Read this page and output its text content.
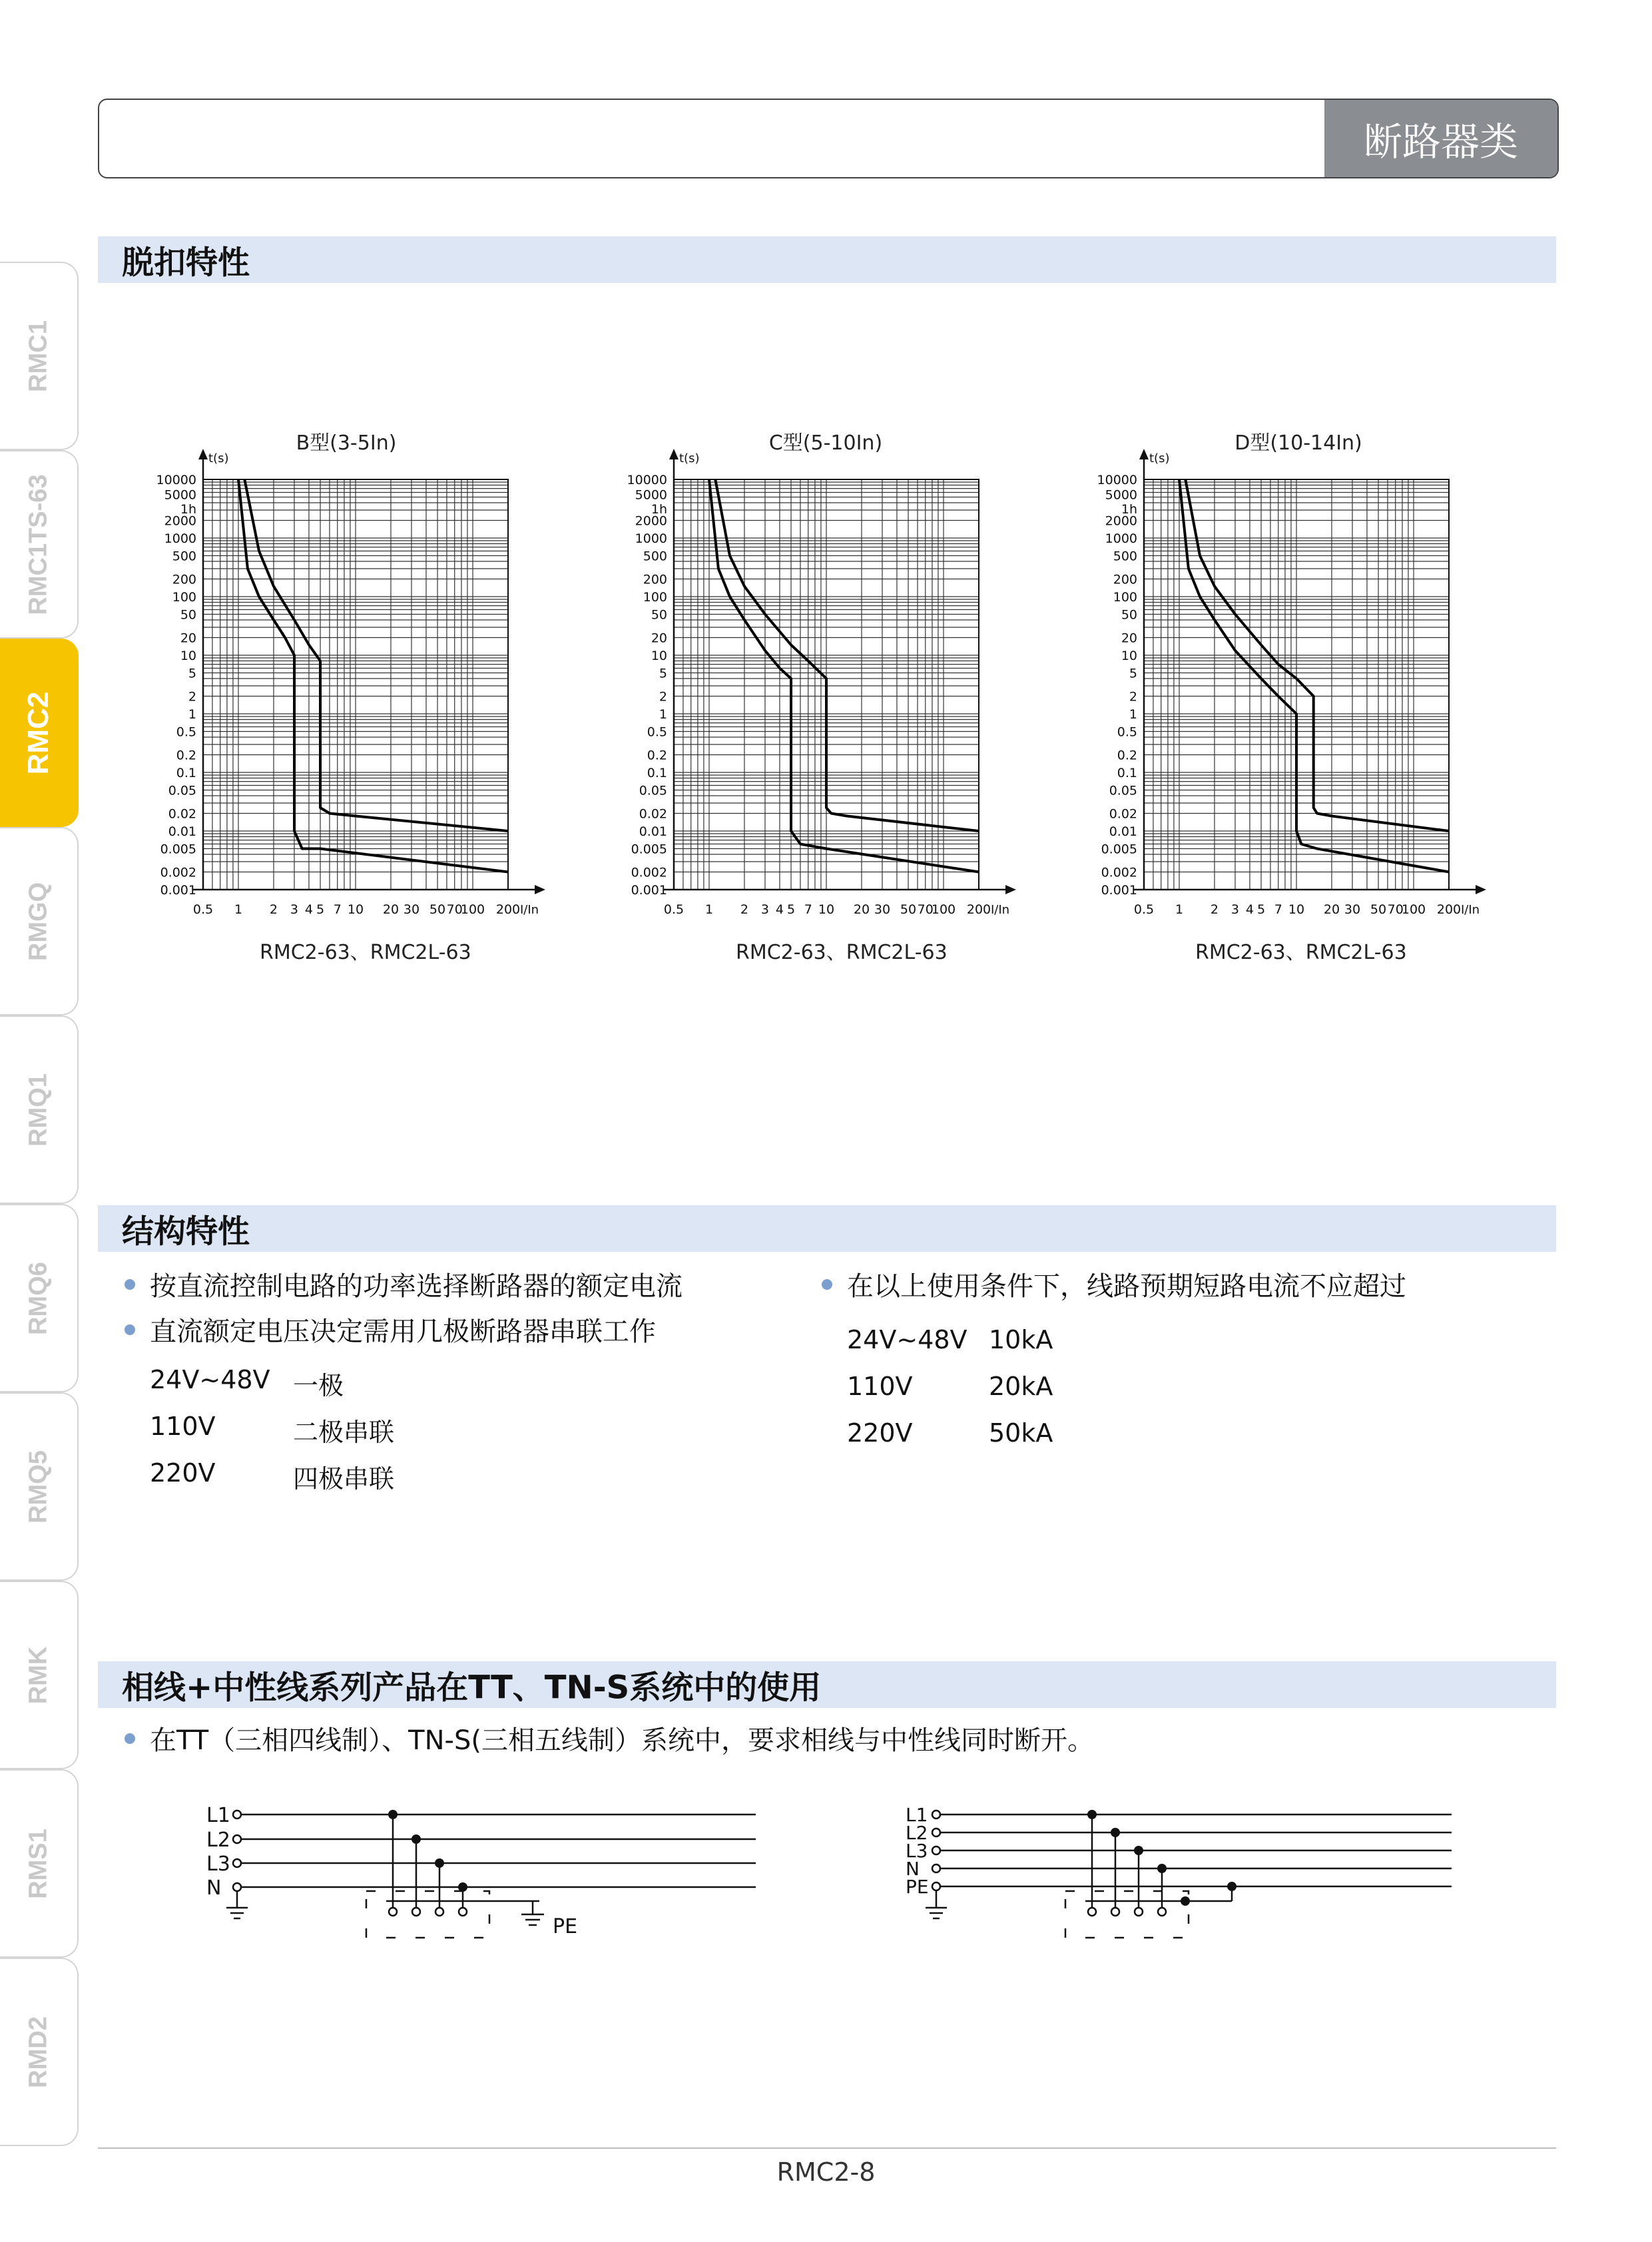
断路器类
RMC1
RMC1TS-63
RMC2
RMGQ
RMQ1
RMQ6
RMQ5
RMK
RMS1
RMD2
脱扣特性
B型(3-5In)	C型(5-10In)	D型(10-14In)
t(s)
I/In
10000
5000
1h
2000
1000
500
200
100
50
20
10
5
2
1
0.5
0.2
0.1
0.05
0.02
0.01
0.005
0.002
0.001
0.5 1 2 3 4 5 7 10 20 30 50 70
100 200
t(s)
I/In
10000
5000
1h
2000
1000
500
200
100
50
20
10
5
2
1
0.5
0.2
0.1
0.05
0.02
0.01
0.005
0.002
0.001
0.5 1 2 3 4 5 7 10 20 30 50 70
100 200
t(s)
I/In
10000
5000
1h
2000
1000
500
200
100
50
20
10
5
2
1
0.5
0.2
0.1
0.05
0.02
0.01
0.005
0.002
0.001
0.5 1 2 3 4 5 7 10 20 30 50 70
100 200
RMC2-63、RMC2L-63	RMC2-63、RMC2L-63	RMC2-63、RMC2L-63
结构特性
按直流控制电路的功率选择断路器的额定电流
直流额定电压决定需用几极断路器串联工作
24V~48V 一极
110V	二极串联
220V	四极串联
在以上使用条件下，线路预期短路电流不应超过
24V~48V 10kA
110V	20kA
220V	50kA
相线+中性线系列产品在TT、TN-S系统中的使用
在TT（三相四线制）、TN-S(三相五线制）系统中，要求相线与中性线同时断开。
L1
L2
L3
N
PE
L1
L2
L3
N
PE
RMC2-8
